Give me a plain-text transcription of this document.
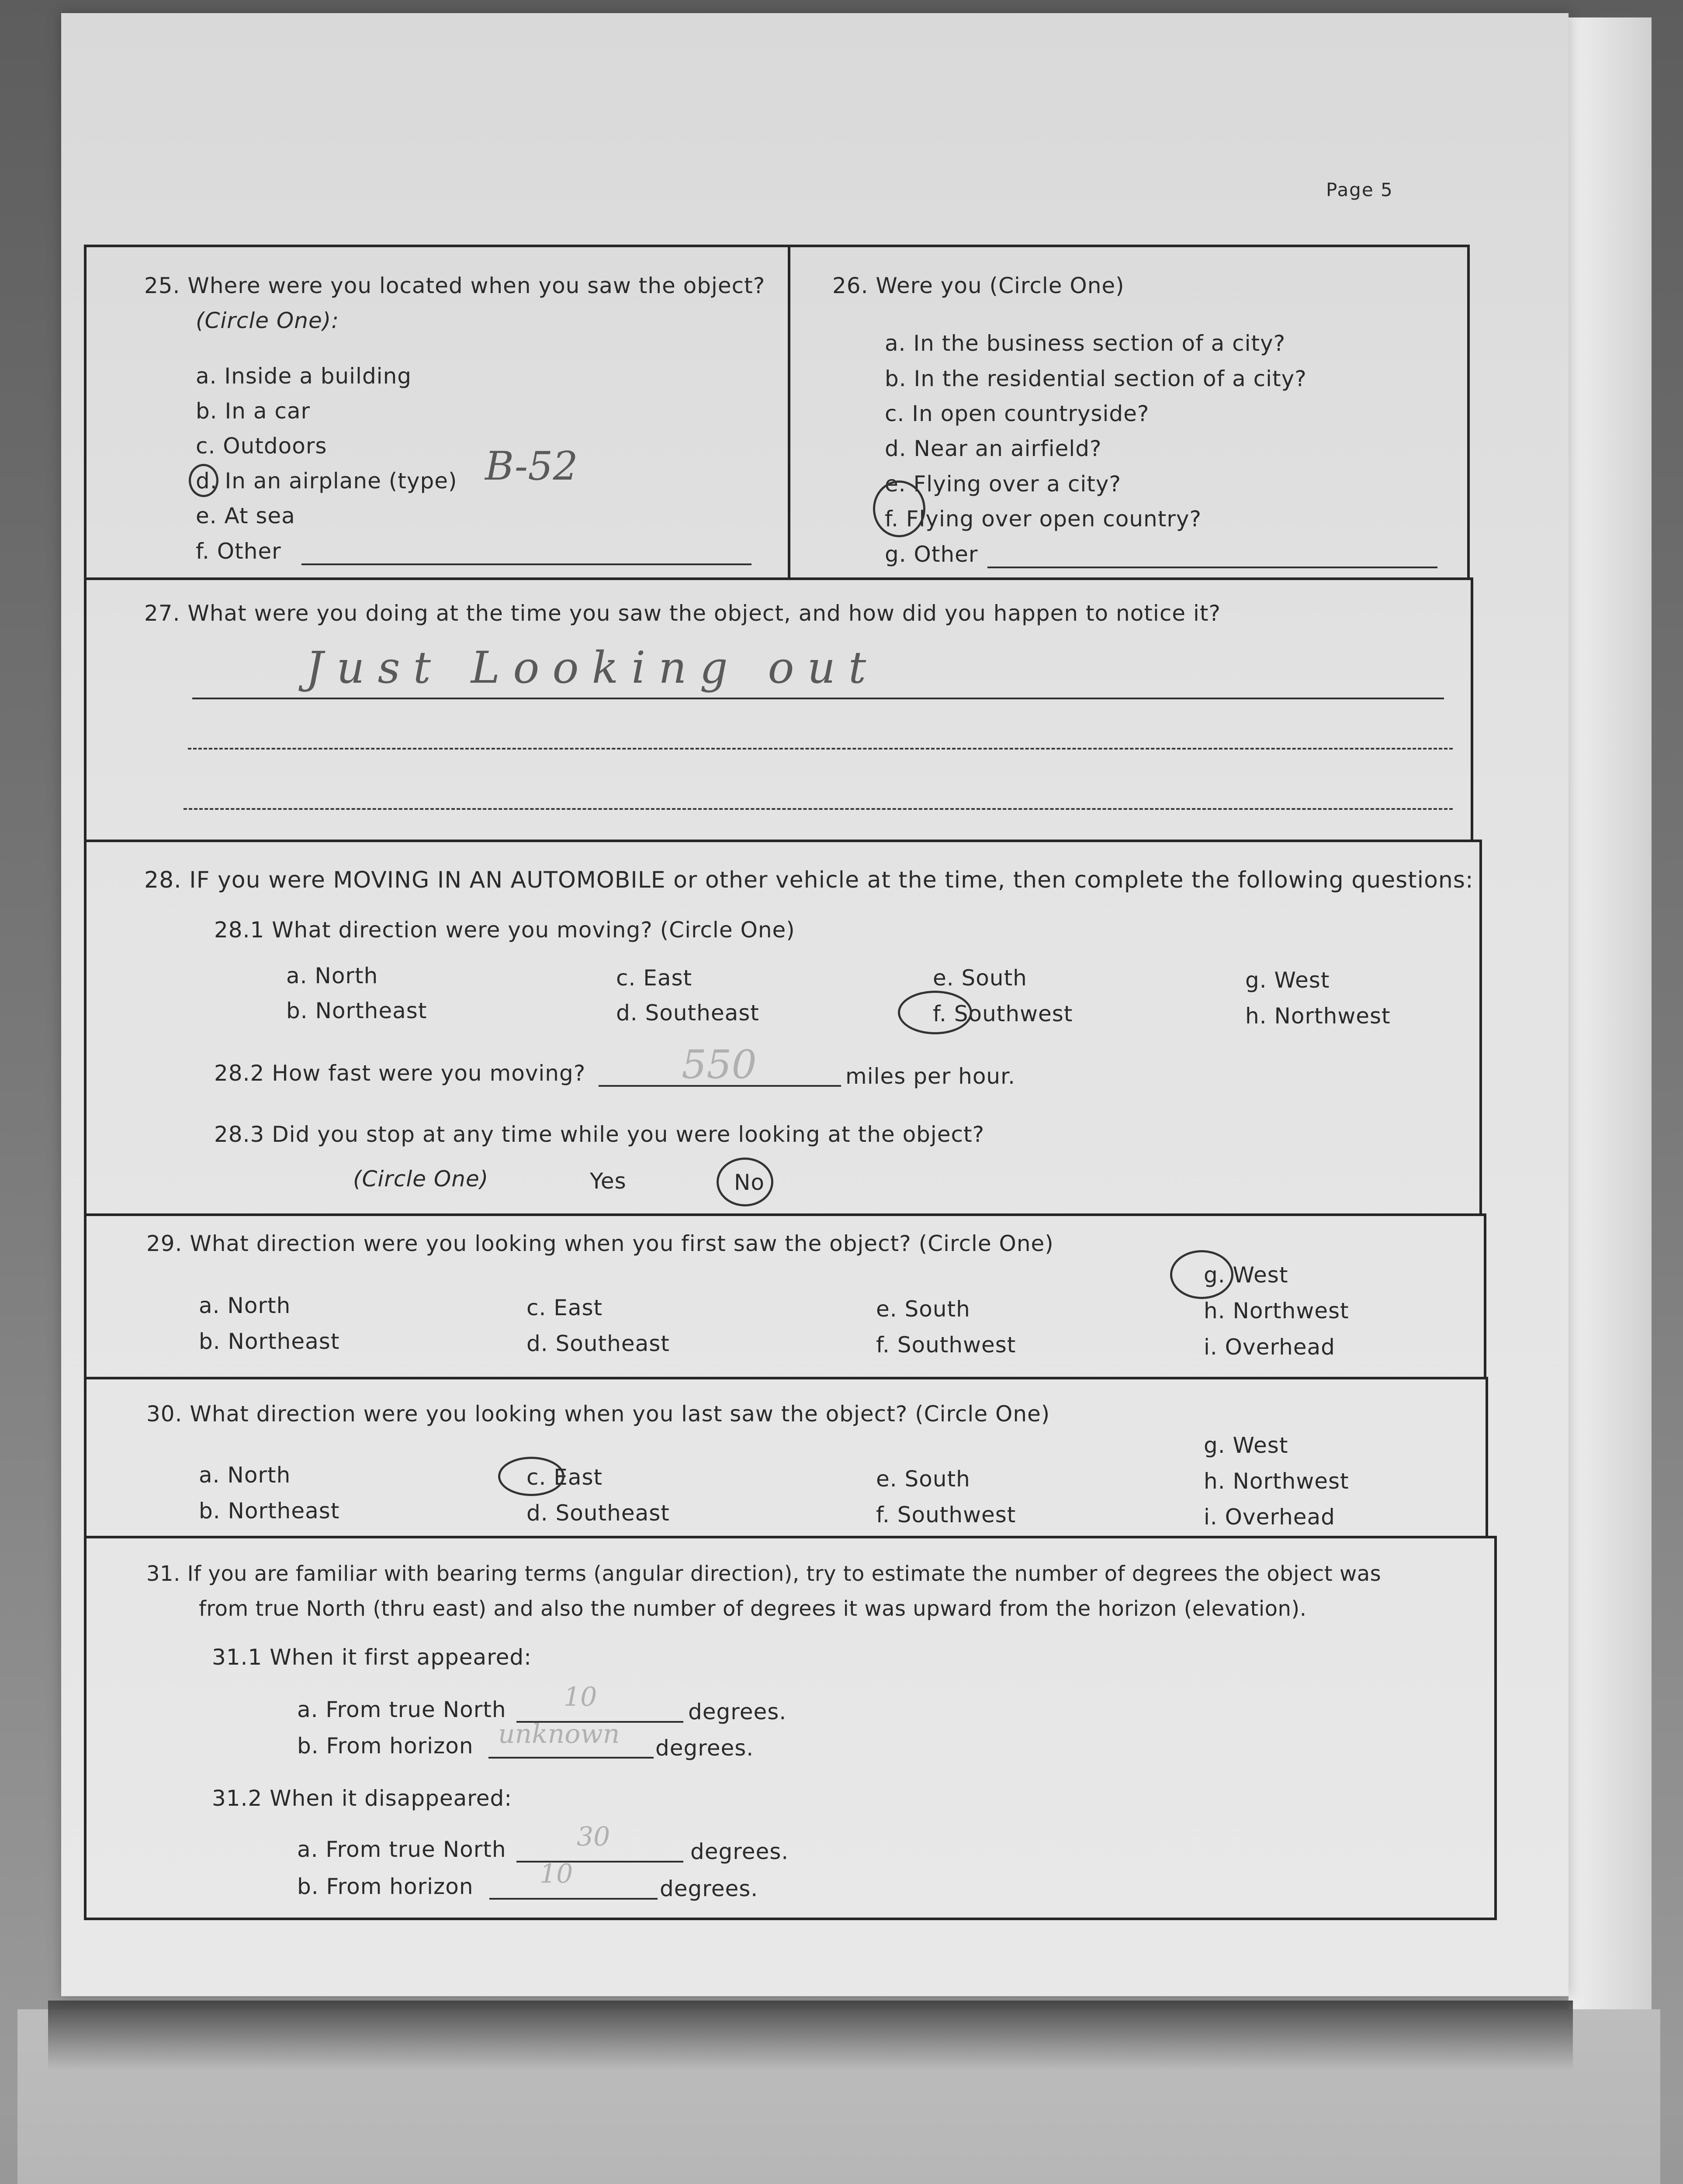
Page 5
25. Where were you located when you saw the object?
(Circle One):
a. Inside a building
b. In a car
c. Outdoors
d. In an airplane (type) B-52
e. At sea
f. Other
26. Were you (Circle One)
a. In the business section of a city?
b. In the residential section of a city?
c. In open countryside?
d. Near an airfield?
e. Flying over a city?
f. Flying over open country?
g. Other
27. What were you doing at the time you saw the object, and how did you happen to notice it?
Just Looking out
28. IF you were MOVING IN AN AUTOMOBILE or other vehicle at the time, then complete the following questions:
28.1 What direction were you moving? (Circle One)
a. North
b. Northeast
c. East
d. Southeast
e. South
f. Southwest
g. West
h. Northwest
28.2 How fast were you moving? 550	miles per hour.
28.3 Did you stop at any time while you were looking at the object?
(Circle One)	Yes	No
29. What direction were you looking when you first saw the object? (Circle One)
a. North
b. Northeast
c. East
d. Southeast
e. South
f. Southwest
g. West
h. Northwest
i. Overhead
30. What direction were you looking when you last saw the object? (Circle One)
a. North
b. Northeast
c. East
d. Southeast
e. South
f. Southwest
g. West
h. Northwest
i. Overhead
31. If you are familiar with bearing terms (angular direction), try to estimate the number of degrees the object was
from true North (thru east) and also the number of degrees it was upward from the horizon (elevation).
31.1 When it first appeared:
a. From true North 10	degrees.
b. From horizon unknown degrees.
31.2 When it disappeared:
a. From true North	30	degrees.
b. From horizon	10	degrees.
